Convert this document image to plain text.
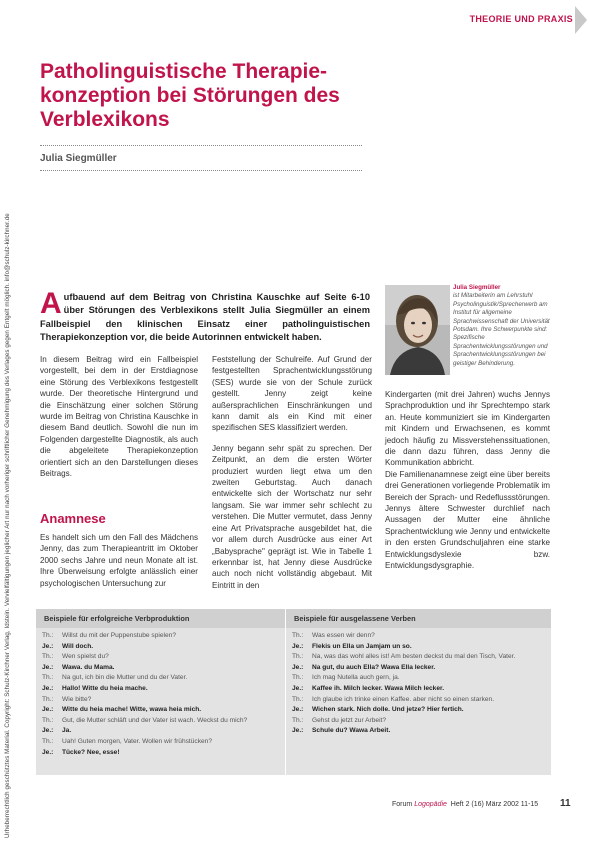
Urheberrechtlich geschütztes Material. Copyright: Schulz-Kirchner Verlag, Idstein. Vervielfältigungen jeglicher Art nur nach vorheriger schriftlicher Genehmigung des Verlages gegen Entgelt möglich. info@schulz-kirchner.de
THEORIE UND PRAXIS
Patholinguistische Therapie-
konzeption bei Störungen des
Verblexikons
Julia Siegmüller
Aufbauend auf dem Beitrag von Christina Kauschke auf Seite 6-10 über Störungen des Verblexikons stellt Julia Siegmüller an einem Fallbeispiel den klinischen Einsatz einer patholinguistischen Therapiekonzeption vor, die beide Autorinnen entwickelt haben.
Julia Siegmüller
ist Mitarbeiterin am Lehrstuhl Psycholinguistik/Sprecherwerb am Institut für allgemeine Sprachwissenschaft der Universität Potsdam. Ihre Schwerpunkte sind: Spezifische Sprachentwicklungsstörungen und Sprachentwicklungsstörungen bei geistiger Behinderung.

In diesem Beitrag wird ein Fallbeispiel vorgestellt, bei dem in der Erstdiagnose eine Störung des Verblexikons festgestellt wurde. Der theoretische Hintergrund und die Einschätzung einer solchen Störung wurde im Beitrag von Christina Kauschke in diesem Band deutlich. Sowohl die nun im Folgenden dargestellte Diagnostik, als auch die abgeleitete Therapiekonzeption orientiert sich an den Darstellungen dieses Beitrags.

Anamnese

Es handelt sich um den Fall des Mädchens Jenny, das zum Therapieantritt im Oktober 2000 sechs Jahre und neun Monate alt ist. Ihre Überweisung erfolgte anlässlich einer psychologischen Untersuchung zur

Feststellung der Schulreife. Auf Grund der festgestellten Sprachentwicklungsstörung (SES) wurde sie von der Schule zurück gestellt. Jenny zeigt keine außersprachlichen Einschränkungen und kann damit als ein Kind mit einer spezifischen SES klassifiziert werden.

Jenny begann sehr spät zu sprechen. Der Zeitpunkt, an dem die ersten Wörter produziert wurden liegt etwa um den zweiten Geburtstag. Auch danach entwickelte sich der Wortschatz nur sehr langsam. Sie war immer sehr schlecht zu verstehen. Die Mutter vermutet, dass Jenny eine Art Privatsprache ausgebildet hat, die vor allem durch Ausdrücke aus einer Art „Babysprache" geprägt ist. Wie in Tabelle 1 erkennbar ist, hat Jenny diese Ausdrücke auch noch nicht vollständig abgebaut. Mit Eintritt in den

Kindergarten (mit drei Jahren) wuchs Jennys Sprachproduktion und ihr Sprechtempo stark an. Heute kommuniziert sie im Kindergarten mit Kindern und Erwachsenen, es kommt jedoch häufig zu Missverstehenssituationen, die dann dazu führen, dass Jenny die Kommunikation abbricht.

Die Familienanamnese zeigt eine über bereits drei Generationen vorliegende Problematik im Bereich der Sprach- und Redeflussstörungen. Jennys ältere Schwester durchlief nach Aussagen der Mutter eine ähnliche Sprachentwicklung wie Jenny und entwickelte in den ersten Grundschuljahren eine starke Entwicklungsdyslexie bzw. Entwicklungsdysgraphie.

Beispiele für erfolgreiche Verbproduktion	Beispiele für ausgelassene Verben
Th.: Willst du mit der Puppenstube spielen?
Je.: Will doch.
Th.: Wen spielst du?
Je.: Wawa. du Mama.
Th.: Na gut, ich bin die Mutter und du der Vater.
Je.: Hallo! Witte du heia mache.
Th.: Wie bitte?
Je.: Witte du heia mache! Witte, wawa heia mich.
Th.: Gut, die Mutter schläft und der Vater ist wach. Weckst du mich?
Je.: Ja.
Th.: Uah! Guten morgen, Vater. Wollen wir frühstücken?
Je.: Tücke? Nee, esse!
Th.: Was essen wir denn?
Je.: Flekis un Ella un Jamjam un so.
Th.: Na, was das wohl alles ist! Am besten deckst du mal den Tisch, Vater.
Je.: Na gut, du auch Ella? Wawa Ella lecker.
Th.: Ich mag Nutella auch gern, ja.
Je.: Kaffee ih. Milch lecker. Wawa Milch lecker.
Th.: Ich glaube ich trinke einen Kaffee. aber nicht so einen starken.
Je.: Wichen stark. Nich dolle. Und jetze? Hier fertich.
Th.: Gehst du jetzt zur Arbeit?
Je.: Schule du? Wawa Arbeit.
Forum Logopädie Heft 2 (16) März 2002 11-15 11
